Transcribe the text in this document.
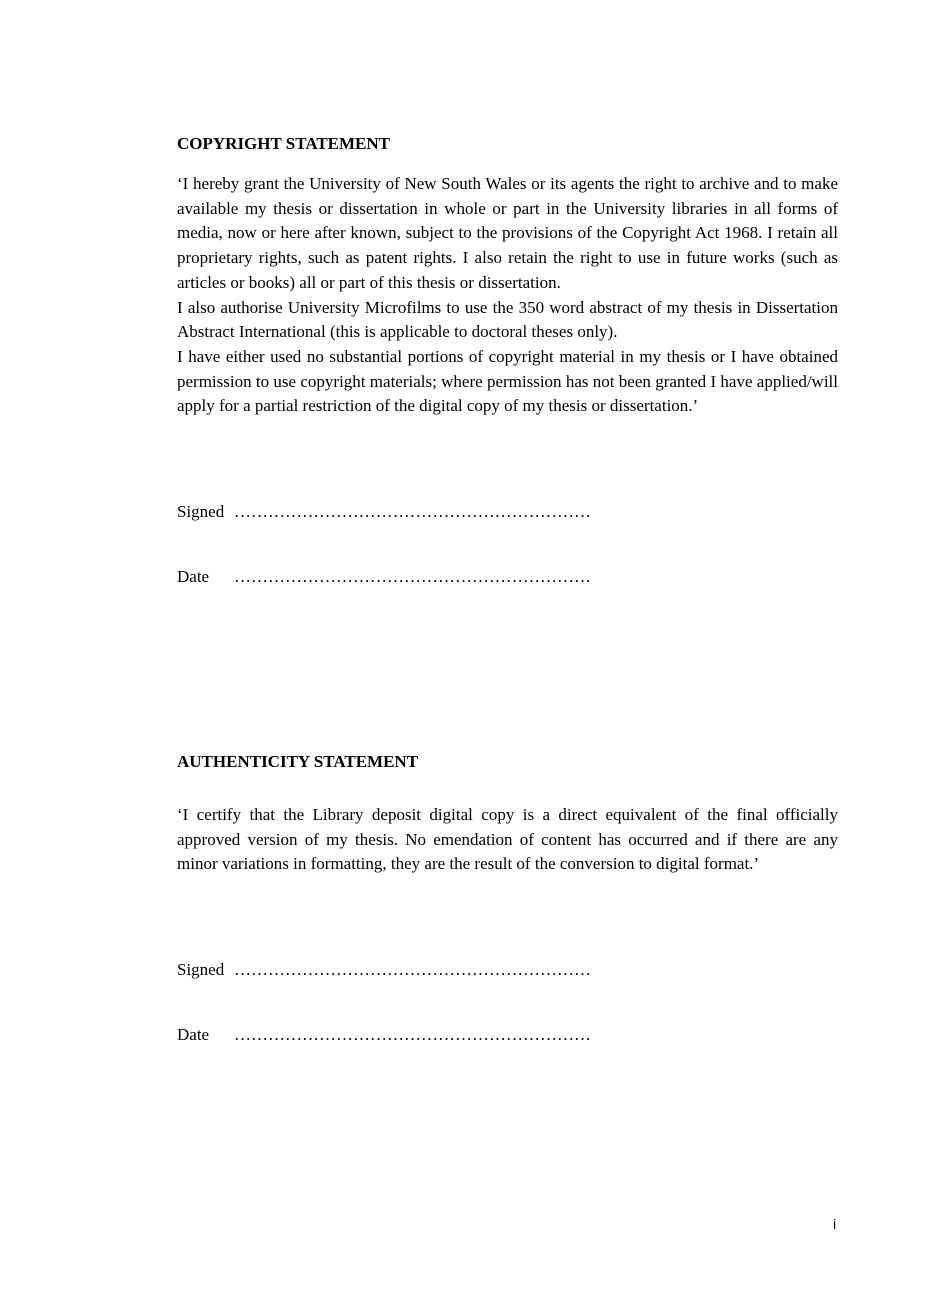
COPYRIGHT STATEMENT

‘I hereby grant the University of New South Wales or its agents the right to archive and to make available my thesis or dissertation in whole or part in the University libraries in all forms of media, now or here after known, subject to the provisions of the Copyright Act 1968. I retain all proprietary rights, such as patent rights. I also retain the right to use in future works (such as articles or books) all or part of this thesis or dissertation.

I also authorise University Microfilms to use the 350 word abstract of my thesis in Dissertation Abstract International (this is applicable to doctoral theses only).

I have either used no substantial portions of copyright material in my thesis or I have obtained permission to use copyright materials; where permission has not been granted I have applied/will apply for a partial restriction of the digital copy of my thesis or dissertation.’

Signed ………………………………………………………
Date ………………………………………………………
AUTHENTICITY STATEMENT

‘I certify that the Library deposit digital copy is a direct equivalent of the final officially approved version of my thesis. No emendation of content has occurred and if there are any minor variations in formatting, they are the result of the conversion to digital format.’

Signed ………………………………………………………
Date ………………………………………………………
i
